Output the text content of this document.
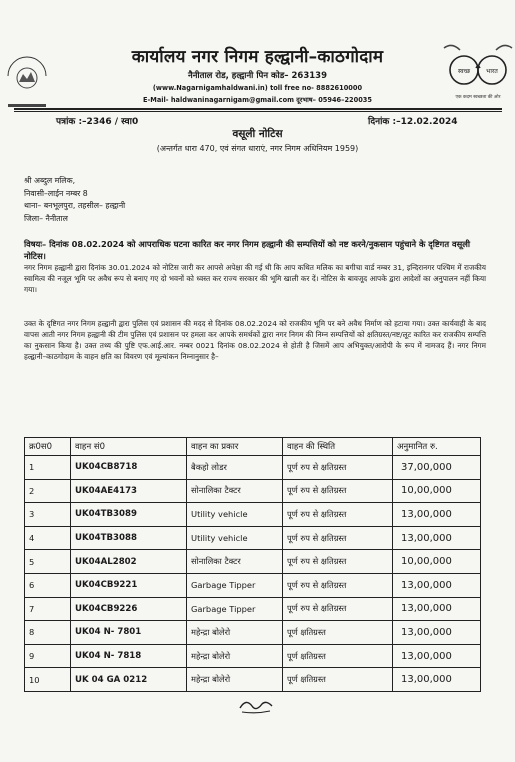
स्वच्छ	भारत
एक कदम स्वच्छता की ओर
कार्यालय नगर निगम हल्द्वानी–काठगोदाम
नैनीताल रोड, हल्द्वानी पिन कोड– 263139
(www.Nagarnigamhaldwani.in) toll free no- 8882610000
E-Mail- haldwaninagarnigam@gmail.com दूरभाष– 05946–220035
पत्रांक :–2346 / स्वा0	दिनांक :–12.02.2024
वसूली नोटिस
(अन्तर्गत धारा 470, एवं संगत धाराएं, नगर निगम अधिनियम 1959)
श्री अब्दुल मलिक,
निवासी–लाईन नम्बर 8
थाना– बनभूलपुरा, तहसील– हल्द्वानी
जिला– नैनीताल
विषयः– दिनांक 08.02.2024 को आपराधिक घटना कारित कर नगर निगम हल्द्वानी की सम्पत्तियों को नष्ट करने/नुकसान पहुंचाने के दृष्टिगत वसूली नोटिस।
नगर निगम हल्द्वानी द्वारा दिनांक 30.01.2024 को नोटिस जारी कर आपसे अपेक्षा की गई थी कि आप कथित मलिक का बगीचा वार्ड नम्बर 31, इन्दिरानगर पश्चिम में राजकीय स्वामित्व की नजूल भूमि पर अवैध रूप से बनाए गए दो भवनों को ध्वस्त कर राज्य सरकार की भूमि खाली कर दें। नोटिस के बावजूद आपके द्वारा आदेशों का अनुपालन नहीं किया गया।
उक्त के दृष्टिगत नगर निगम हल्द्वानी द्वारा पुलिस एवं प्रशासन की मदद से दिनांक 08.02.2024 को राजकीय भूमि पर बने अवैध निर्माण को हटाया गया। उक्त कार्यवाही के बाद वापस आती नगर निगम हल्द्वानी की टीम पुलिस एवं प्रशासन पर हमला कर आपके समर्थकों द्वारा नगर निगम की निम्न सम्पत्तियों को क्षतिग्रस्त/नष्ट/लूट कारित कर राजकीय सम्पत्ति का नुकसान किया है। उक्त तथ्य की पुष्टि एफ.आई.आर. नम्बर 0021 दिनांक 08.02.2024 से होती है जिसमें आप अभियुक्त/आरोपी के रूप में नामजद हैं। नगर निगम हल्द्वानी–काठगोदाम के वाहन क्षति का विवरण एवं मूल्यांकन निम्नानुसार है–
क्र0स0	वाहन सं0	वाहन का प्रकार	वाहन की स्थिति	अनुमानित रु.
1	UK04CB8718	बैकहो लोडर	पूर्ण रुप से क्षतिग्रस्त	37,00,000
2	UK04AE4173	सोनालिका टैक्टर	पूर्ण रुप से क्षतिग्रस्त	10,00,000
3	UK04TB3089	Utility vehicle	पूर्ण रुप से क्षतिग्रस्त	13,00,000
4	UK04TB3088	Utility vehicle	पूर्ण रुप से क्षतिग्रस्त	13,00,000
5	UK04AL2802	सोनालिका टैक्टर	पूर्ण रुप से क्षतिग्रस्त	10,00,000
6	UK04CB9221	Garbage Tipper	पूर्ण रुप से क्षतिग्रस्त	13,00,000
7	UK04CB9226	Garbage Tipper	पूर्ण रुप से क्षतिग्रस्त	13,00,000
8	UK04 N- 7801	महेन्द्रा बोलेरो	पूर्ण क्षतिग्रस्त	13,00,000
9	UK04 N- 7818	महेन्द्रा बोलेरो	पूर्ण क्षतिग्रस्त	13,00,000
10	UK 04 GA 0212	महेन्द्रा बोलेरो	पूर्ण क्षतिग्रस्त	13,00,000
